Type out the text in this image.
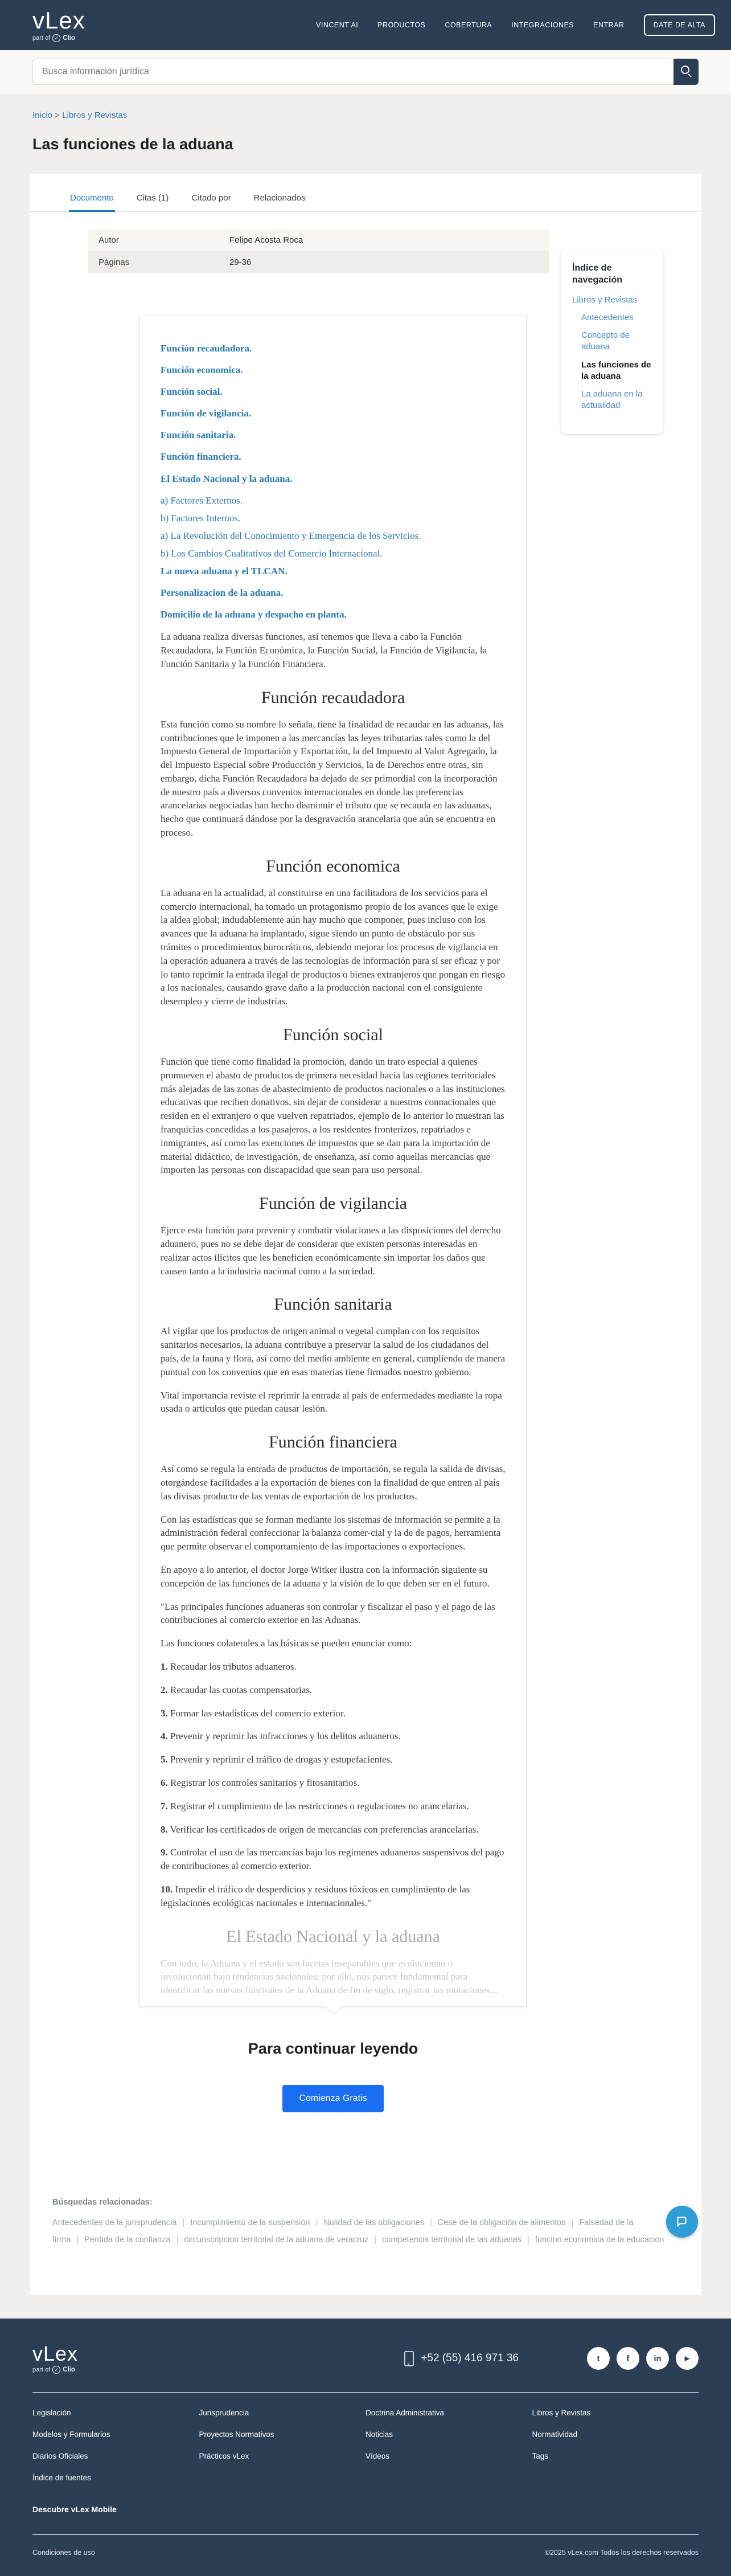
vLex
part of ✓ Clio
VINCENT AI	PRODUCTOS	COBERTURA	INTEGRACIONES	ENTRAR	DATE DE ALTA
Busca información jurídica
Inicio > Libros y Revistas
Las funciones de la aduana
Documento	Citas (1)	Citado por	Relacionados
Autor	Felipe Acosta Roca
Páginas	29-36
Índice de navegación
Libros y Revistas
Antecedentes
Concepto de aduana
Las funciones de la aduana
La aduana en la actualidad
Función recaudadora.
Función economica.
Función social.
Función de vigilancia.
Función sanitaria.
Función financiera.
El Estado Nacional y la aduana.
a) Factores Externos.
b) Factores Internos.
a) La Revolución del Conocimiento y Emergencia de los Servicios.
b) Los Cambios Cualitativos del Comercio Internacional.
La nueva aduana y el TLCAN.
Personalizacion de la aduana.
Domicilio de la aduana y despacho en planta.

La aduana realiza diversas funciones, así tenemos que lleva a cabo la Función Recaudadora, la Función Económica, la Función Social, la Función de Vigilancia, la Función Sanitaria y la Función Financiera.

Función recaudadora

Esta función como su nombre lo señala, tiene la finalidad de recaudar en las aduanas, las contribuciones que le imponen a las mercancías las leyes tributarias tales como la del Impuesto General de Importación y Exportación, la del Impuesto al Valor Agregado, la del Impuesto Especial sobre Producción y Servicios, la de Derechos entre otras, sin embargo, dicha Función Recaudadora ha dejado de ser primordial con la incorporación de nuestro país a diversos convenios internacionales en donde las preferencias arancelarias negociadas han hecho disminuir el tributo que se recauda en las aduanas, hecho que continuará dándose por la desgravación arancelaria que aún se encuentra en proceso.

Función economica

La aduana en la actualidad, al constituirse en una facilitadora de los servicios para el comercio internacional, ha tomado un protagonismo propio de los avances que le exige la aldea global; indudablemente aún hay mucho que componer, pues incluso con los avances que la aduana ha implantado, sigue siendo un punto de obstáculo por sus trámites o procedimientos burocráticos, debiendo mejorar los procesos de vigilancia en la operación aduanera a través de las tecnologías de información para sí ser eficaz y por lo tanto reprimir la entrada ilegal de productos o bienes extranjeros que pongan en riesgo a los nacionales, causando grave daño a la producción nacional con el consiguiente desempleo y cierre de industrias.

Función social

Función que tiene como finalidad la promoción, dando un trato especial a quienes promueven el abasto de productos de primera necesidad hacia las regiones territoriales más alejadas de las zonas de abastecimiento de productos nacionales o a las instituciones educativas que reciben donativos, sin dejar de considerar a nuestros connacionales que residen en el extranjero o que vuelven repatriados, ejemplo de lo anterior lo muestran las franquicias concedidas a los pasajeros, a los residentes fronterizos, repatriados e inmigrantes, así como las exenciones de impuestos que se dan para la importación de material didáctico, de investigación, de enseñanza, así como aquellas mercancías que importen las personas con discapacidad que sean para uso personal.

Función de vigilancia

Ejerce esta función para prevenir y combatir violaciones a las disposiciones del derecho aduanero, pues no se debe dejar de considerar que existen personas interesadas en realizar actos ilícitos que les beneficien económicamente sin importar los daños que causen tanto a la industria nacional como a la sociedad.

Función sanitaria

Al vigilar que los productos de origen animal o vegetal cumplan con los requisitos sanitarios necesarios, la aduana contribuye a preservar la salud de los ciudadanos del país, de la fauna y flora, así como del medio ambiente en general, cumpliendo de manera puntual con los convenios que en esas materias tiene firmados nuestro gobierno.

Vital importancia reviste el reprimir la entrada al país de enfermedades mediante la ropa usada o artículos que puedan causar lesión.

Función financiera

Así como se regula la entrada de productos de importación, se regula la salida de divisas, otorgándose facilidades a la exportación de bienes con la finalidad de que entren al país las divisas producto de las ventas de exportación de los productos.

Con las estadísticas que se forman mediante los sistemas de información se permite a la administración federal confeccionar la balanza comer-cial y la de de pagos, herramienta que permite observar el comportamiento de las importaciones o exportaciones.

En apoyo a lo anterior, el doctor Jorge Witker ilustra con la información siguiente su concepción de las funciones de la aduana y la visión de lo que deben ser en el futuro.

"Las principales funciones aduaneras son controlar y fiscalizar el paso y el pago de las contribuciones al comercio exterior en las Aduanas.

Las funciones colaterales a las básicas se pueden enunciar como:

1. Recaudar los tributos aduaneros.

2. Recaudar las cuotas compensatorias.

3. Formar las estadísticas del comercio exterior.

4. Prevenir y reprimir las infracciones y los delitos aduaneros.

5. Prevenir y reprimir el tráfico de drogas y estupefacientes.

6. Registrar los controles sanitarios y fitosanitarios.

7. Registrar el cumplimiento de las restricciones o regulaciones no arancelarias.

8. Verificar los certificados de origen de mercancías con preferencias arancelarias.

9. Controlar el uso de las mercancías bajo los regímenes aduaneros suspensivos del pago de contribuciones al comercio exterior.

10. Impedir el tráfico de desperdicios y residuos tóxicos en cumplimiento de las legislaciones ecológicas nacionales e internacionales."

El Estado Nacional y la aduana

Con todo, la Aduana y el estado son facetas inseparables que evolucionan o involucionan bajo tendencias nacionales; por ello, nos parece fundamental para identificar las nuevas funciones de la Aduana de fin de siglo, registrar las mutaciones...

Para continuar leyendo
Comienza Gratis
Búsquedas relacionadas:
Antecedentes de la jurisprudencia | Incumplimiento de la suspensión | Nulidad de las obligaciones | Cese de la obligación de alimentos | Falsedad de la firma | Perdida de la confianza | circunscripcion territorial de la aduana de veracruz | competencia territorial de las aduanas | funcion economica de la educacion
vLex
part of ✓ Clio
+52 (55) 416 971 36	t	f	in	►
Legislación
Modelos y Formularios
Diarios Oficiales
Índice de fuentes
Jurisprudencia
Proyectos Normativos
Prácticos vLex
Doctrina Administrativa
Noticias
Vídeos
Libros y Revistas
Normatividad
Tags
Descubre vLex Mobile
Condiciones de uso	©2025 vLex.com Todos los derechos reservados
